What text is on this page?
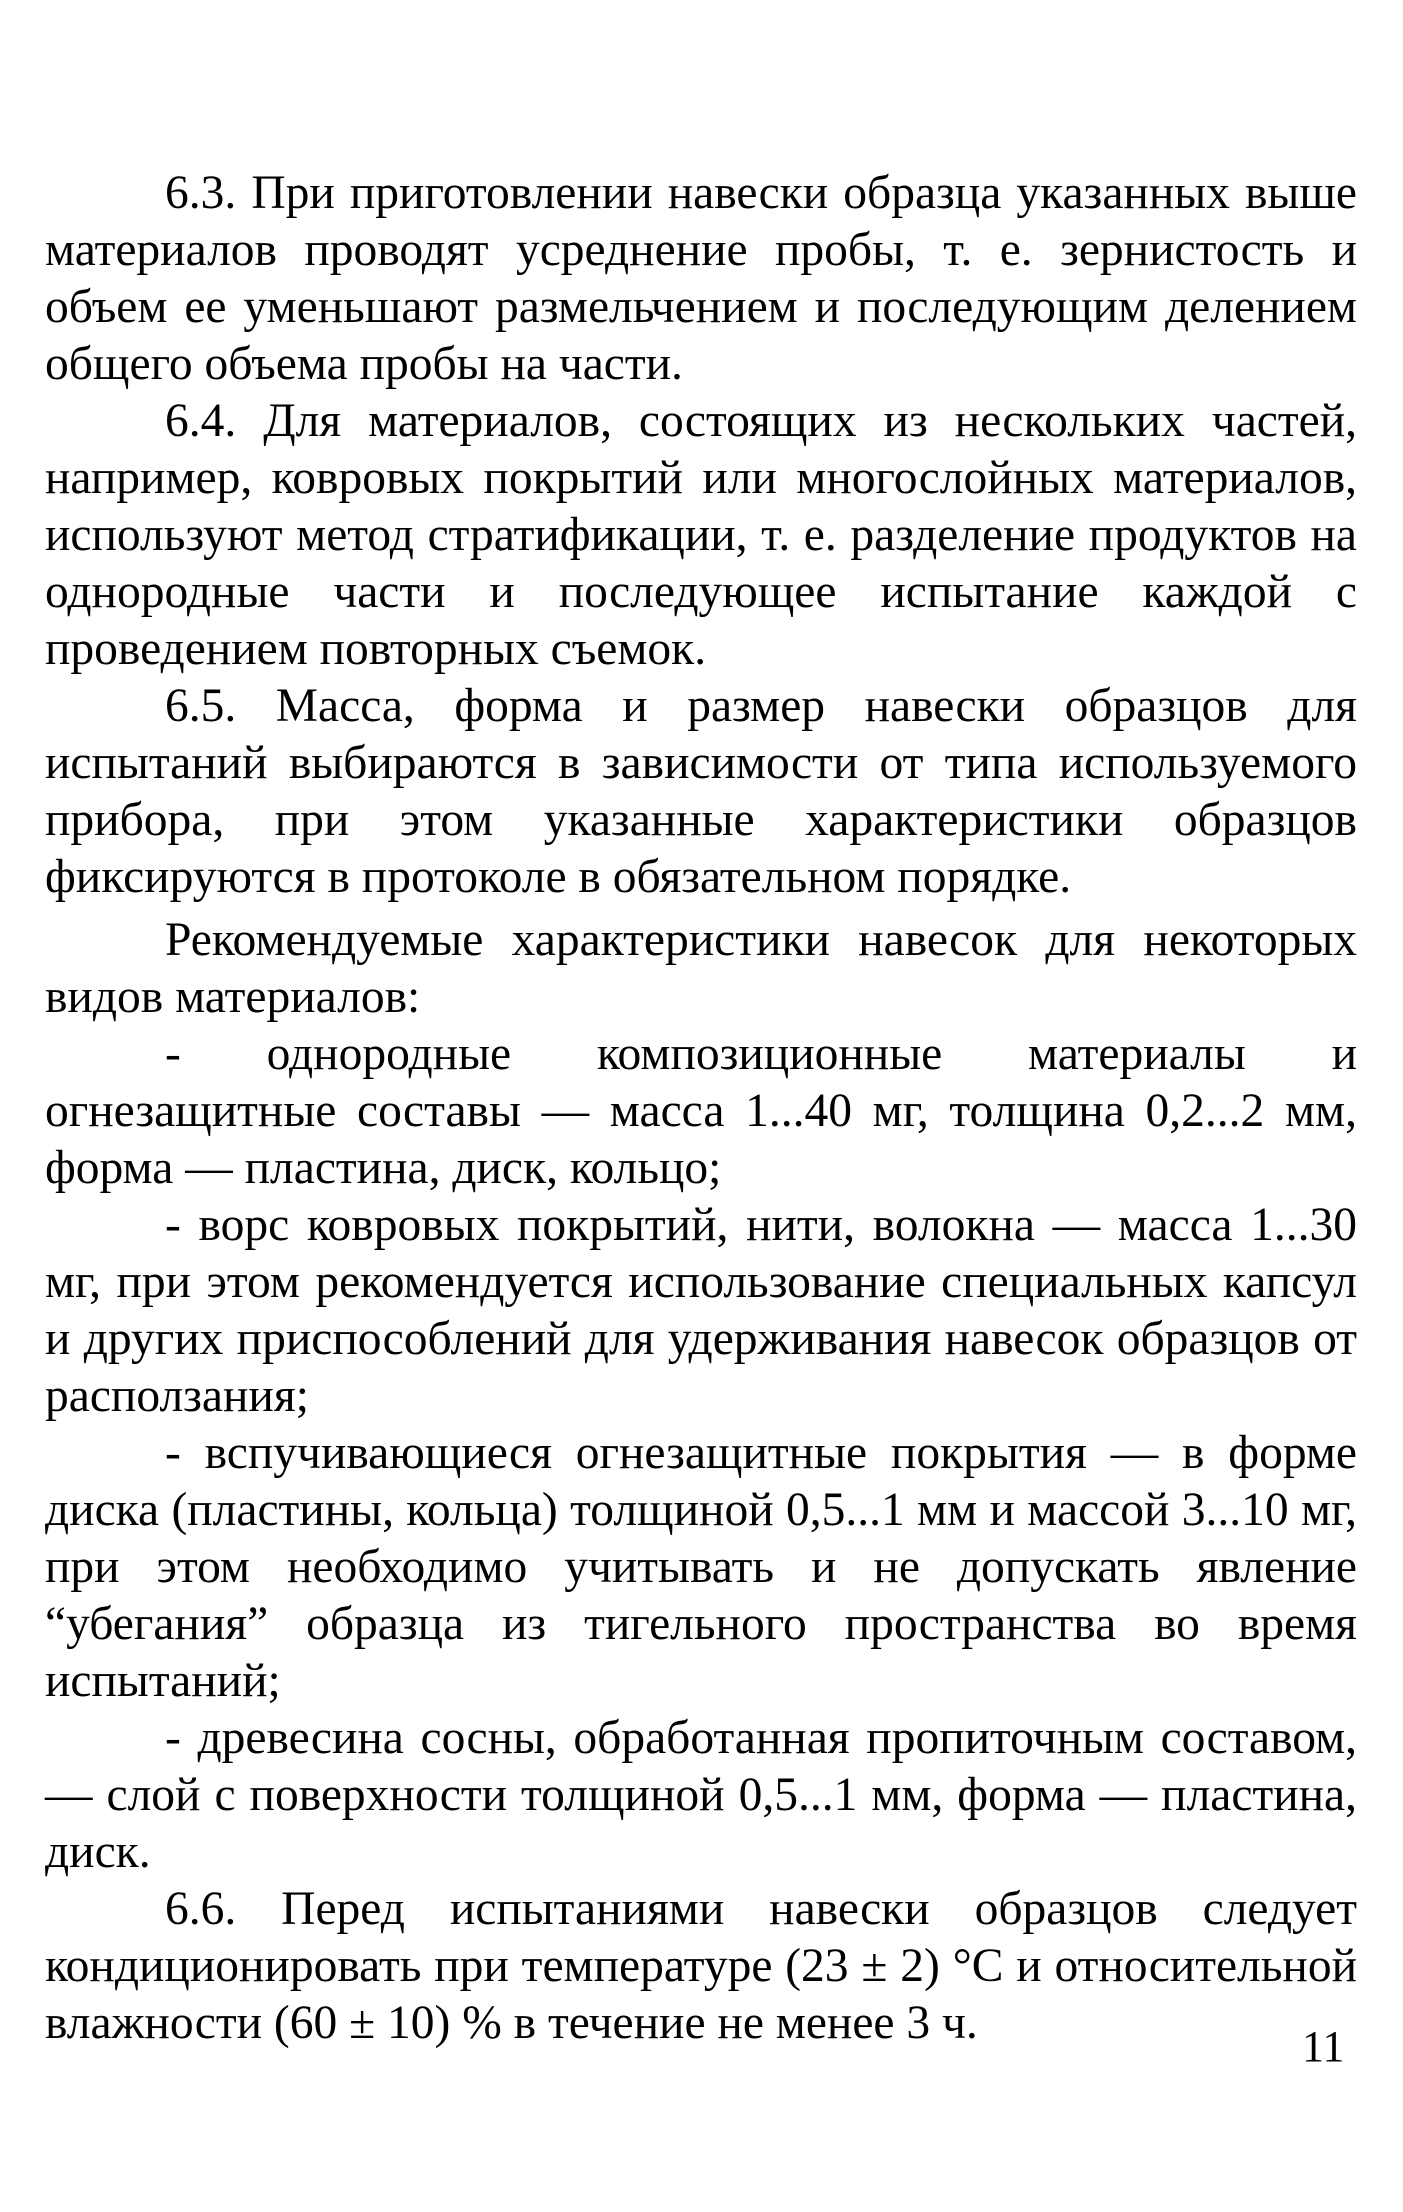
6.3. При приготовлении навески образца указанных выше материалов проводят усреднение пробы, т. е. зернистость и объем ее уменьшают размельчением и последующим делением общего объема пробы на части.

6.4. Для материалов, состоящих из нескольких частей, например, ковровых покрытий или многослойных материалов, используют метод стратификации, т. е. разделение продуктов на однородные части и последующее испытание каждой с проведением повторных съемок.

6.5. Масса, форма и размер навески образцов для испытаний выбираются в зависимости от типа используемого прибора, при этом указанные характеристики образцов фиксируются в протоколе в обязательном порядке.

Рекомендуемые характеристики навесок для некоторых видов материалов:

- однородные композиционные материалы и огнезащитные составы — масса 1...40 мг, толщина 0,2...2 мм, форма — пластина, диск, кольцо;

- ворс ковровых покрытий, нити, волокна — масса 1...30 мг, при этом рекомендуется использование специальных капсул и других приспособлений для удерживания навесок образцов от расползания;

- вспучивающиеся огнезащитные покрытия — в форме диска (пластины, кольца) толщиной 0,5...1 мм и массой 3...10 мг, при этом необходимо учитывать и не допускать явление “убегания” образца из тигельного пространства во время испытаний;

- древесина сосны, обработанная пропиточным составом, — слой с поверхности толщиной 0,5...1 мм, форма — пластина, диск.

6.6. Перед испытаниями навески образцов следует кондиционировать при температуре (23 ± 2) °С и относительной влажности (60 ± 10) % в течение не менее 3 ч.	11
